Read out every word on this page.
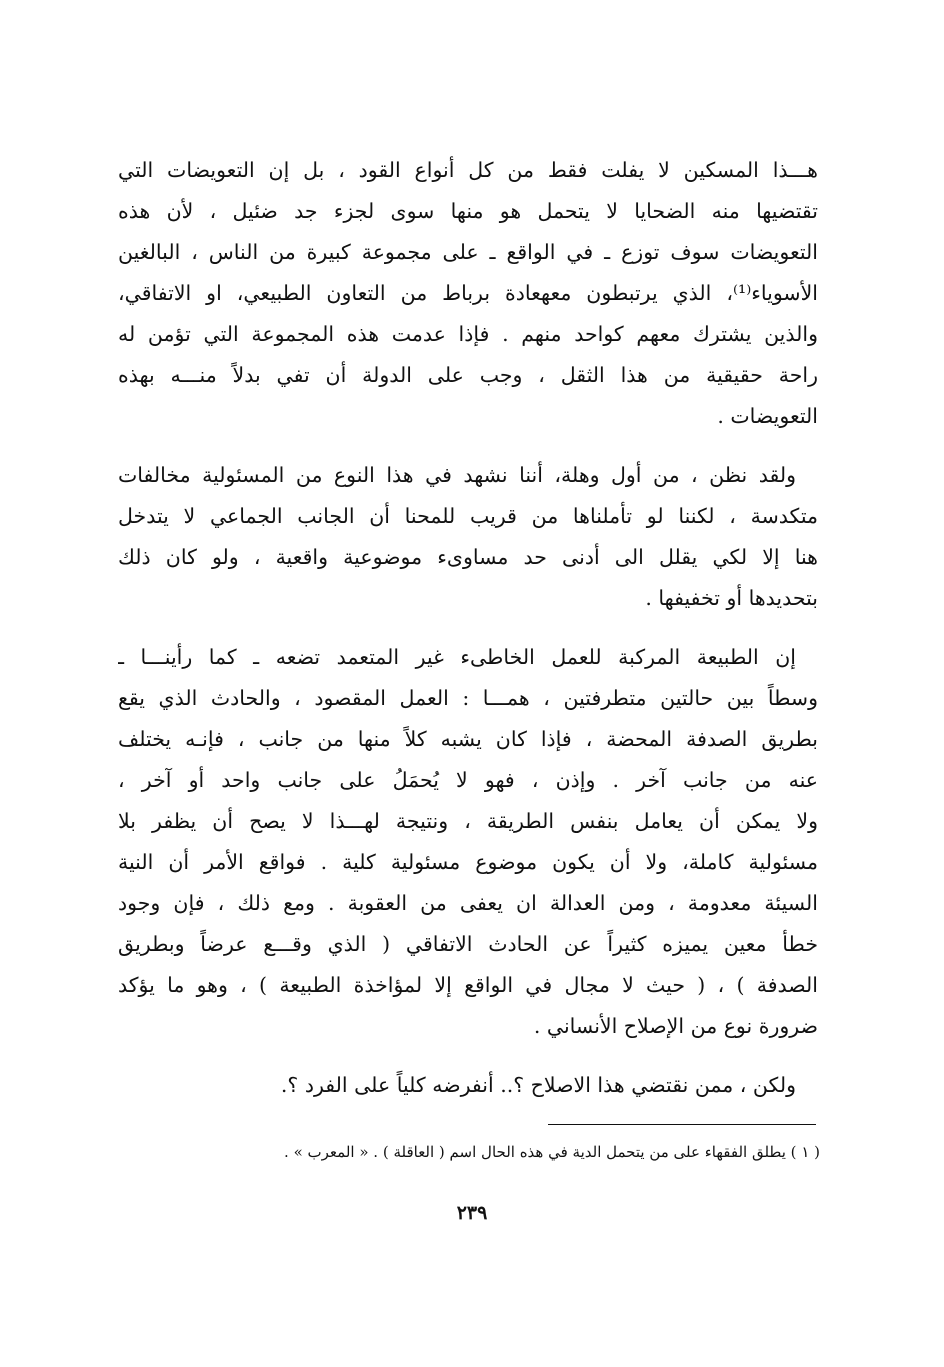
هـــذا المسكين لا يفلت فقط من كل أنواع القود ، بل إن التعويضات التي
تقتضيها منه الضحايا لا يتحمل هو منها سوى لجزء جد ضئيل ، لأن هذه
التعويضات سوف توزع ـ في الواقع ـ على مجموعة كبيرة من الناس ، البالغين
الأسوياء⁽¹⁾، الذي يرتبطون معهعادة برباط من التعاون الطبيعي، او الاتفاقي،
والذين يشترك معهم كواحد منهم . فإذا عدمت هذه المجموعة التي تؤمن له
راحة حقيقية من هذا الثقل ، وجب على الدولة أن تفي بدلاً منـــه بهذه
التعويضات .
ولقد نظن ، من أول وهلة، أننا نشهد في هذا النوع من المسئولية مخالفات
متكدسة ، لكننا لو تأملناها من قريب للمحنا أن الجانب الجماعي لا يتدخل
هنا إلا لكي يقلل الى أدنى حد مساوىء موضوعية واقعية ، ولو كان ذلك
بتحديدها أو تخفيفها .
إن الطبيعة المركبة للعمل الخاطىء غير المتعمد تضعه ـ كما رأينـــا ـ
وسطاً بين حالتين متطرفتين ، همـــا : العمل المقصود ، والحادث الذي يقع
بطريق الصدفة المحضة ، فإذا كان يشبه كلاً منها من جانب ، فإنـه يختلف
عنه من جانب آخر . وإذن ، فهو لا يُحمَلُ على جانب واحد أو آخر ،
ولا يمكن أن يعامل بنفس الطريقة ، ونتيجة لهـــذا لا يصح أن يظفر بلا
مسئولية كاملة، ولا أن يكون موضوع مسئولية كلية . فواقع الأمر أن النية
السيئة معدومة ، ومن العدالة ان يعفى من العقوبة . ومع ذلك ، فإن وجود
خطأ معين يميزه كثيراً عن الحادث الاتفاقي ( الذي وقـــع عرضاً وبطريق
الصدفة ) ، ( حيث لا مجال في الواقع إلا لمؤاخذة الطبيعة ) ، وهو ما يؤكد
ضرورة نوع من الإصلاح الأنساني .
ولكن ، ممن نقتضي هذا الاصلاح ؟.. أنفرضه كلياً على الفرد ؟.
( ۱ ) يطلق الفقهاء على من يتحمل الدية في هذه الحال اسم ( العاقلة ) . « المعرب » .
٢٣٩
